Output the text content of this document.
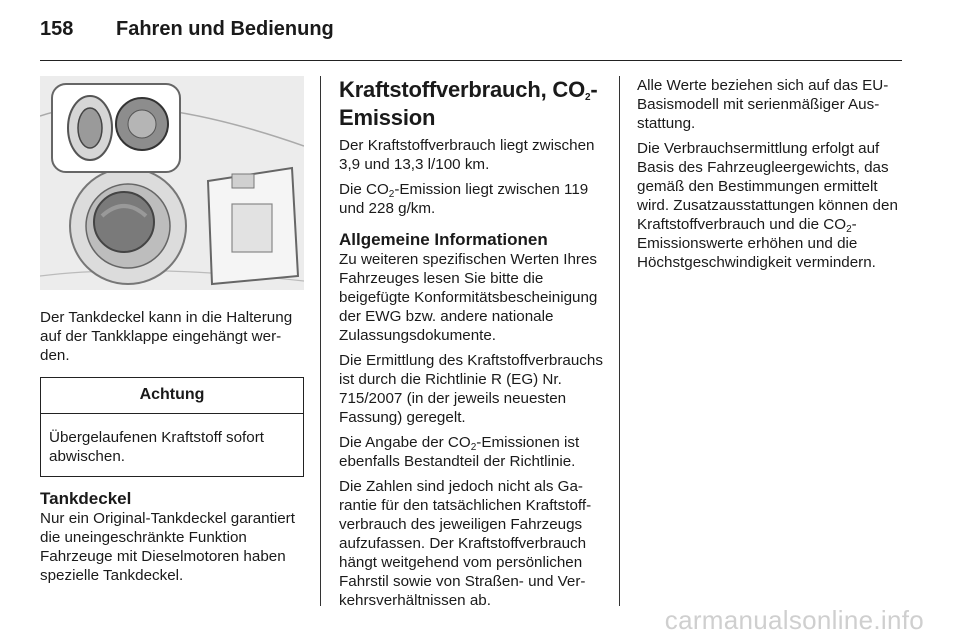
158 Fahren und Bedienung

Der Tankdeckel kann in die Halterung auf der Tankklappe eingehängt werden.

Achtung
Übergelaufenen Kraftstoff sofort abwischen.
Tankdeckel

Nur ein Original-Tankdeckel garantiert die uneingeschränkte Funktion Fahrzeuge mit Dieselmotoren haben spezielle Tankdeckel.

Kraftstoffverbrauch, $CO_2$-Emission

Der Kraftstoffverbrauch liegt zwischen 3,9 und 13,3 l/100 km.

Die $CO_2$-Emission liegt zwischen 119 und 228 g/km.

Allgemeine Informationen

Zu weiteren spezifischen Werten Ihres Fahrzeuges lesen Sie bitte die beigefügte Konformitätsbescheinigung der EWG bzw. andere nationale Zulassungsdokumente.

Die Ermittlung des Kraftstoffverbrauchs ist durch die Richtlinie R (EG) Nr. 715/2007 (in der jeweils neuesten Fassung) geregelt.

Die Angabe der $CO_2$-Emissionen ist ebenfalls Bestandteil der Richtlinie.

Die Zahlen sind jedoch nicht als Garantie für den tatsächlichen Kraftstoffverbrauch des jeweiligen Fahrzeugs aufzufassen. Der Kraftstoffverbrauch hängt weitgehend vom persönlichen Fahrstil sowie von Straßen- und Verkehrsverhältnissen ab.

Alle Werte beziehen sich auf das EU-Basismodell mit serienmäßiger Ausstattung.

Die Verbrauchsermittlung erfolgt auf Basis des Fahrzeugleergewichts, das gemäß den Bestimmungen ermittelt wird. Zusatzausstattungen können den Kraftstoffverbrauch und die $CO_2$-Emissionswerte erhöhen und die Höchstgeschwindigkeit vermindern.

carmanualsonline.info
